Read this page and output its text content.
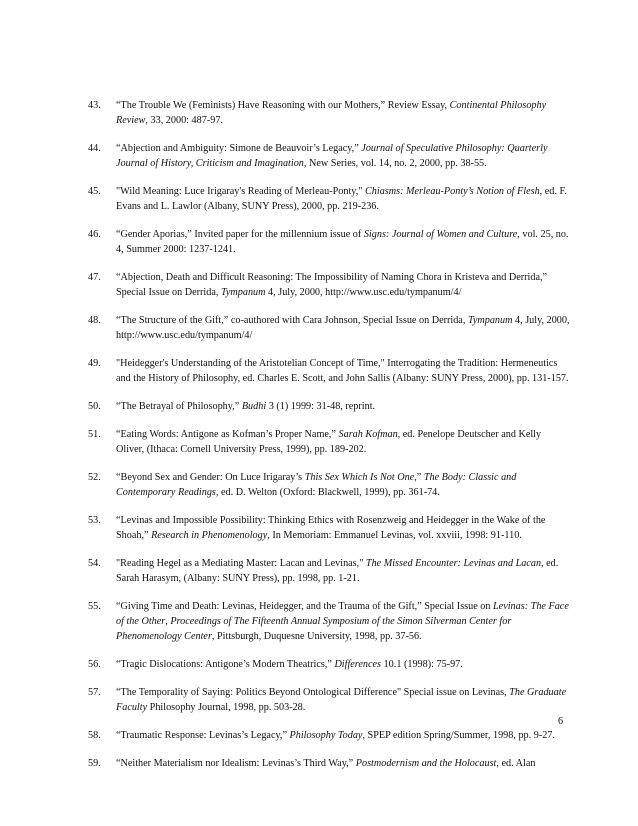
43.	“The Trouble We (Feminists) Have Reasoning with our Mothers,” Review Essay, Continental Philosophy Review, 33, 2000: 487-97.
44.	“Abjection and Ambiguity: Simone de Beauvoir’s Legacy,” Journal of Speculative Philosophy: Quarterly Journal of History, Criticism and Imagination, New Series, vol. 14, no. 2, 2000, pp. 38-55.
45.	"Wild Meaning: Luce Irigaray's Reading of Merleau-Ponty," Chiasms: Merleau-Ponty’s Notion of Flesh, ed. F. Evans and L. Lawlor (Albany, SUNY Press), 2000, pp. 219-236.
46.	“Gender Aporias,” Invited paper for the millennium issue of Signs: Journal of Women and Culture, vol. 25, no. 4, Summer 2000: 1237-1241.
47.	“Abjection, Death and Difficult Reasoning: The Impossibility of Naming Chora in Kristeva and Derrida,” Special Issue on Derrida, Tympanum 4, July, 2000, http://www.usc.edu/tympanum/4/
48.	“The Structure of the Gift,” co-authored with Cara Johnson, Special Issue on Derrida, Tympanum 4, July, 2000, http://www.usc.edu/tympanum/4/
49.	"Heidegger's Understanding of the Aristotelian Concept of Time," Interrogating the Tradition: Hermeneutics and the History of Philosophy, ed. Charles E. Scott, and John Sallis (Albany: SUNY Press, 2000), pp. 131-157.
50.	“The Betrayal of Philosophy,” Budhi 3 (1) 1999: 31-48, reprint.
51.	“Eating Words: Antigone as Kofman’s Proper Name,” Sarah Kofman, ed. Penelope Deutscher and Kelly Oliver, (Ithaca: Cornell University Press, 1999), pp. 189-202.
52.	“Beyond Sex and Gender: On Luce Irigaray’s This Sex Which Is Not One,” The Body: Classic and Contemporary Readings, ed. D. Welton (Oxford: Blackwell, 1999), pp. 361-74.
53.	“Levinas and Impossible Possibility: Thinking Ethics with Rosenzweig and Heidegger in the Wake of the Shoah,” Research in Phenomenology, In Memoriam: Emmanuel Levinas, vol. xxviii, 1998: 91-110.
54.	"Reading Hegel as a Mediating Master: Lacan and Levinas," The Missed Encounter: Levinas and Lacan, ed. Sarah Harasym, (Albany: SUNY Press), pp. 1998, pp. 1-21.
55.	“Giving Time and Death: Levinas, Heidegger, and the Trauma of the Gift,” Special Issue on Levinas: The Face of the Other, Proceedings of The Fifteenth Annual Symposium of the Simon Silverman Center for Phenomenology Center, Pittsburgh, Duquesne University, 1998, pp. 37-56.
56.	“Tragic Dislocations: Antigone’s Modern Theatrics,” Differences 10.1 (1998): 75-97.
57.	“The Temporality of Saying: Politics Beyond Ontological Difference" Special issue on Levinas, The Graduate Faculty Philosophy Journal, 1998, pp. 503-28.
58.	“Traumatic Response: Levinas’s Legacy,” Philosophy Today, SPEP edition Spring/Summer, 1998, pp. 9-27.
59.	“Neither Materialism nor Idealism: Levinas’s Third Way,” Postmodernism and the Holocaust, ed. Alan
6
